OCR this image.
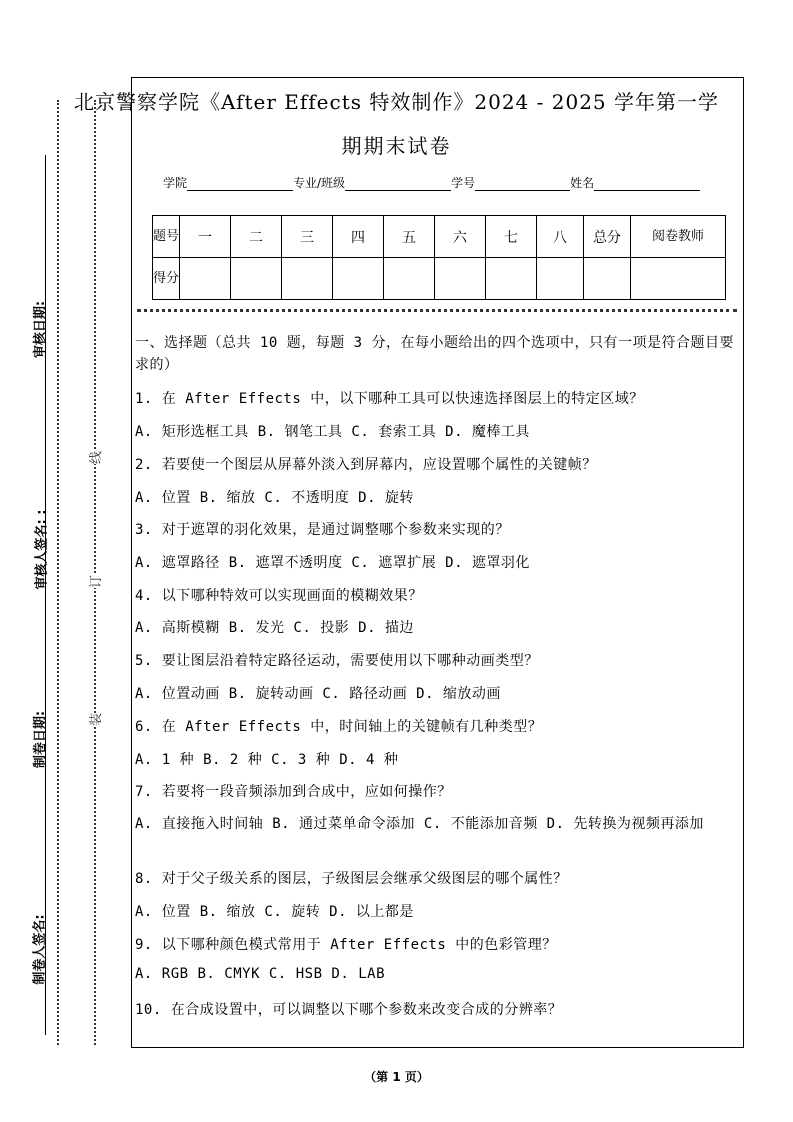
审核日期:
审核人签名: :
制卷日期:
制卷人签名:
线
订
装
北京警察学院《After Effects 特效制作》2024 - 2025 学年第一学
期期末试卷
学院	专业/班级	学号	姓名
题号	一	二	三	四	五	六	七	八	总分	阅卷教师
得分										
一、选择题（总共 10 题，每题 3 分，在每小题给出的四个选项中，只有一项是符合题目要求的）
1. 在 After Effects 中，以下哪种工具可以快速选择图层上的特定区域？
A. 矩形选框工具 B. 钢笔工具 C. 套索工具 D. 魔棒工具
2. 若要使一个图层从屏幕外淡入到屏幕内，应设置哪个属性的关键帧？
A. 位置 B. 缩放 C. 不透明度 D. 旋转
3. 对于遮罩的羽化效果，是通过调整哪个参数来实现的？
A. 遮罩路径 B. 遮罩不透明度 C. 遮罩扩展 D. 遮罩羽化
4. 以下哪种特效可以实现画面的模糊效果？
A. 高斯模糊 B. 发光 C. 投影 D. 描边
5. 要让图层沿着特定路径运动，需要使用以下哪种动画类型？
A. 位置动画 B. 旋转动画 C. 路径动画 D. 缩放动画
6. 在 After Effects 中，时间轴上的关键帧有几种类型？
A. 1 种 B. 2 种 C. 3 种 D. 4 种
7. 若要将一段音频添加到合成中，应如何操作？
A. 直接拖入时间轴 B. 通过菜单命令添加 C. 不能添加音频 D. 先转换为视频再添加
8. 对于父子级关系的图层，子级图层会继承父级图层的哪个属性？
A. 位置 B. 缩放 C. 旋转 D. 以上都是
9. 以下哪种颜色模式常用于 After Effects 中的色彩管理？
A. RGB B. CMYK C. HSB D. LAB
10. 在合成设置中，可以调整以下哪个参数来改变合成的分辨率？
（第 1 页）
